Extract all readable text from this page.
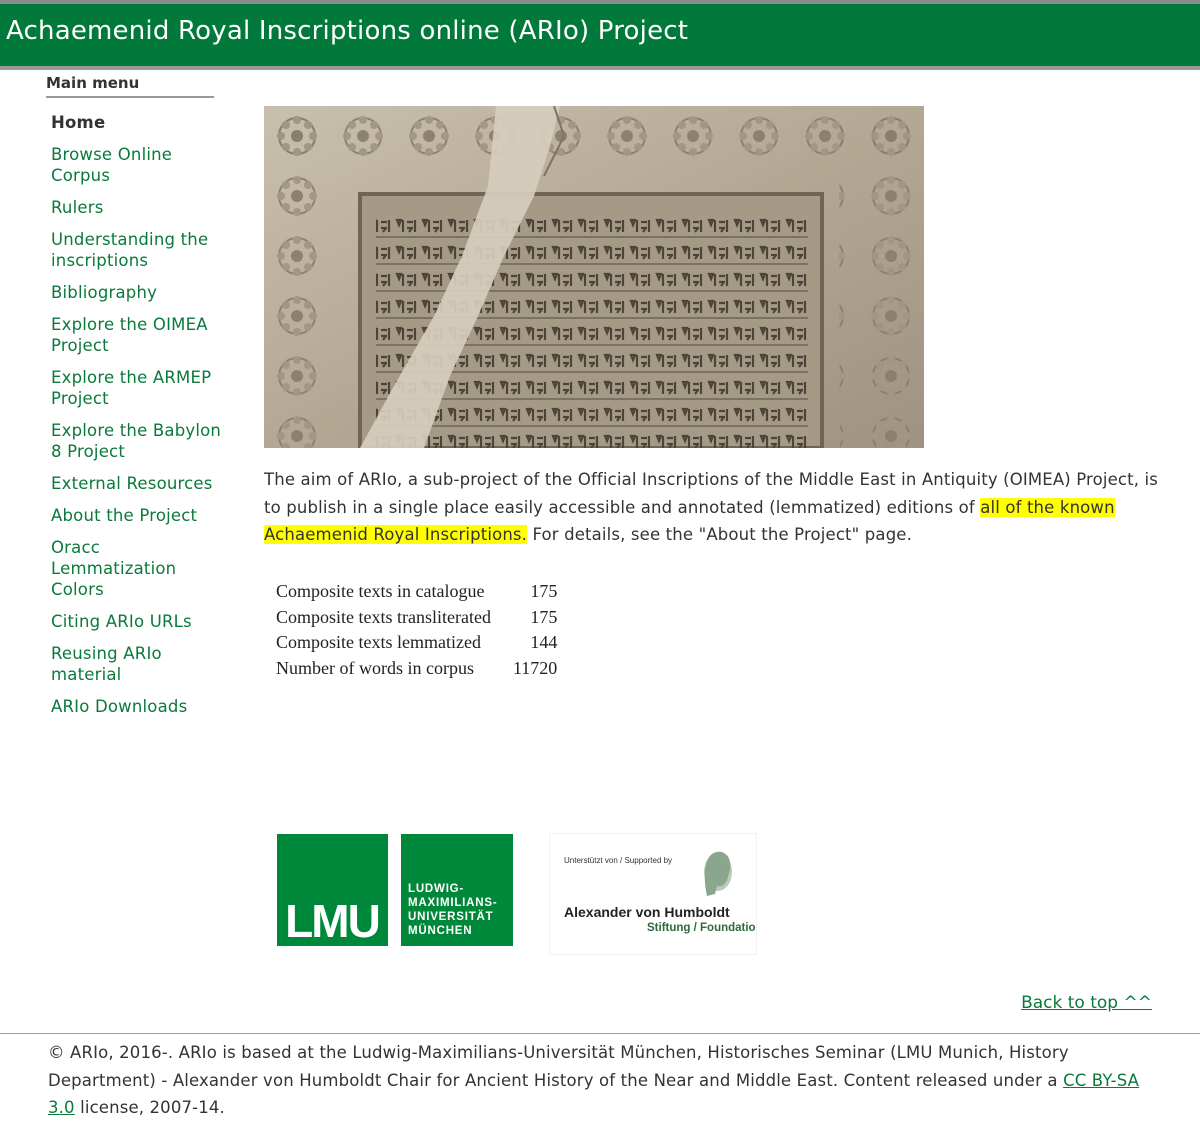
Achaemenid Royal Inscriptions online (ARIo) Project
Main menu
Home
Browse Online Corpus
Rulers
Understanding the inscriptions
Bibliography
Explore the OIMEA Project
Explore the ARMEP Project
Explore the Babylon 8 Project
External Resources
About the Project
Oracc Lemmatization Colors
Citing ARIo URLs
Reusing ARIo material
ARIo Downloads

The aim of ARIo, a sub-project of the Official Inscriptions of the Middle East in Antiquity (OIMEA) Project, is to publish in a single place easily accessible and annotated (lemmatized) editions of all of the known Achaemenid Royal Inscriptions. For details, see the "About the Project" page.

Composite texts in catalogue	175
Composite texts transliterated	175
Composite texts lemmatized	144
Number of words in corpus	11720
LMU
LUDWIG-
MAXIMILIANS-
UNIVERSITÄT
MÜNCHEN
Unterstützt von / Supported by
Alexander von Humboldt
Stiftung / Foundation
Back to top ^^

© ARIo, 2016-. ARIo is based at the Ludwig-Maximilians-Universität München, Historisches Seminar (LMU Munich, History Department) - Alexander von Humboldt Chair for Ancient History of the Near and Middle East. Content released under a CC BY-SA 3.0 license, 2007-14.
